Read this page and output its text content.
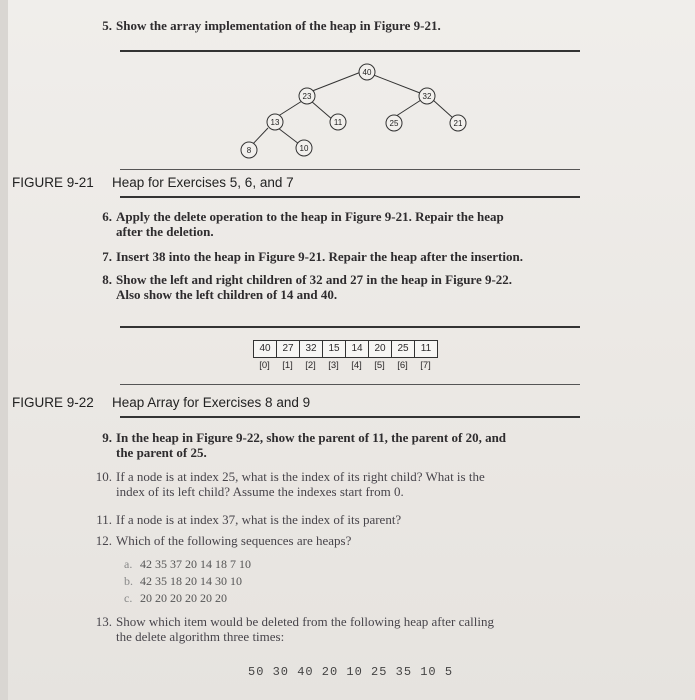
5. Show the array implementation of the heap in Figure 9-21.
40
23	32
13	11	25	21
8	10
FIGURE 9-21 Heap for Exercises 5, 6, and 7
6. Apply the delete operation to the heap in Figure 9-21. Repair the heap
after the deletion.
7. Insert 38 into the heap in Figure 9-21. Repair the heap after the insertion.
8. Show the left and right children of 32 and 27 in the heap in Figure 9-22.
Also show the left children of 14 and 40.
40	27	32	15	14	20	25	11
[0]	[1]	[2]	[3]	[4]	[5]	[6]	[7]
FIGURE 9-22 Heap Array for Exercises 8 and 9
9. In the heap in Figure 9-22, show the parent of 11, the parent of 20, and
the parent of 25.
10. If a node is at index 25, what is the index of its right child? What is the
index of its left child? Assume the indexes start from 0.
11. If a node is at index 37, what is the index of its parent?
12. Which of the following sequences are heaps?
a. 42 35 37 20 14 18 7 10
b. 42 35 18 20 14 30 10
c. 20 20 20 20 20 20
13. Show which item would be deleted from the following heap after calling
the delete algorithm three times:
50 30 40 20 10 25 35 10 5
